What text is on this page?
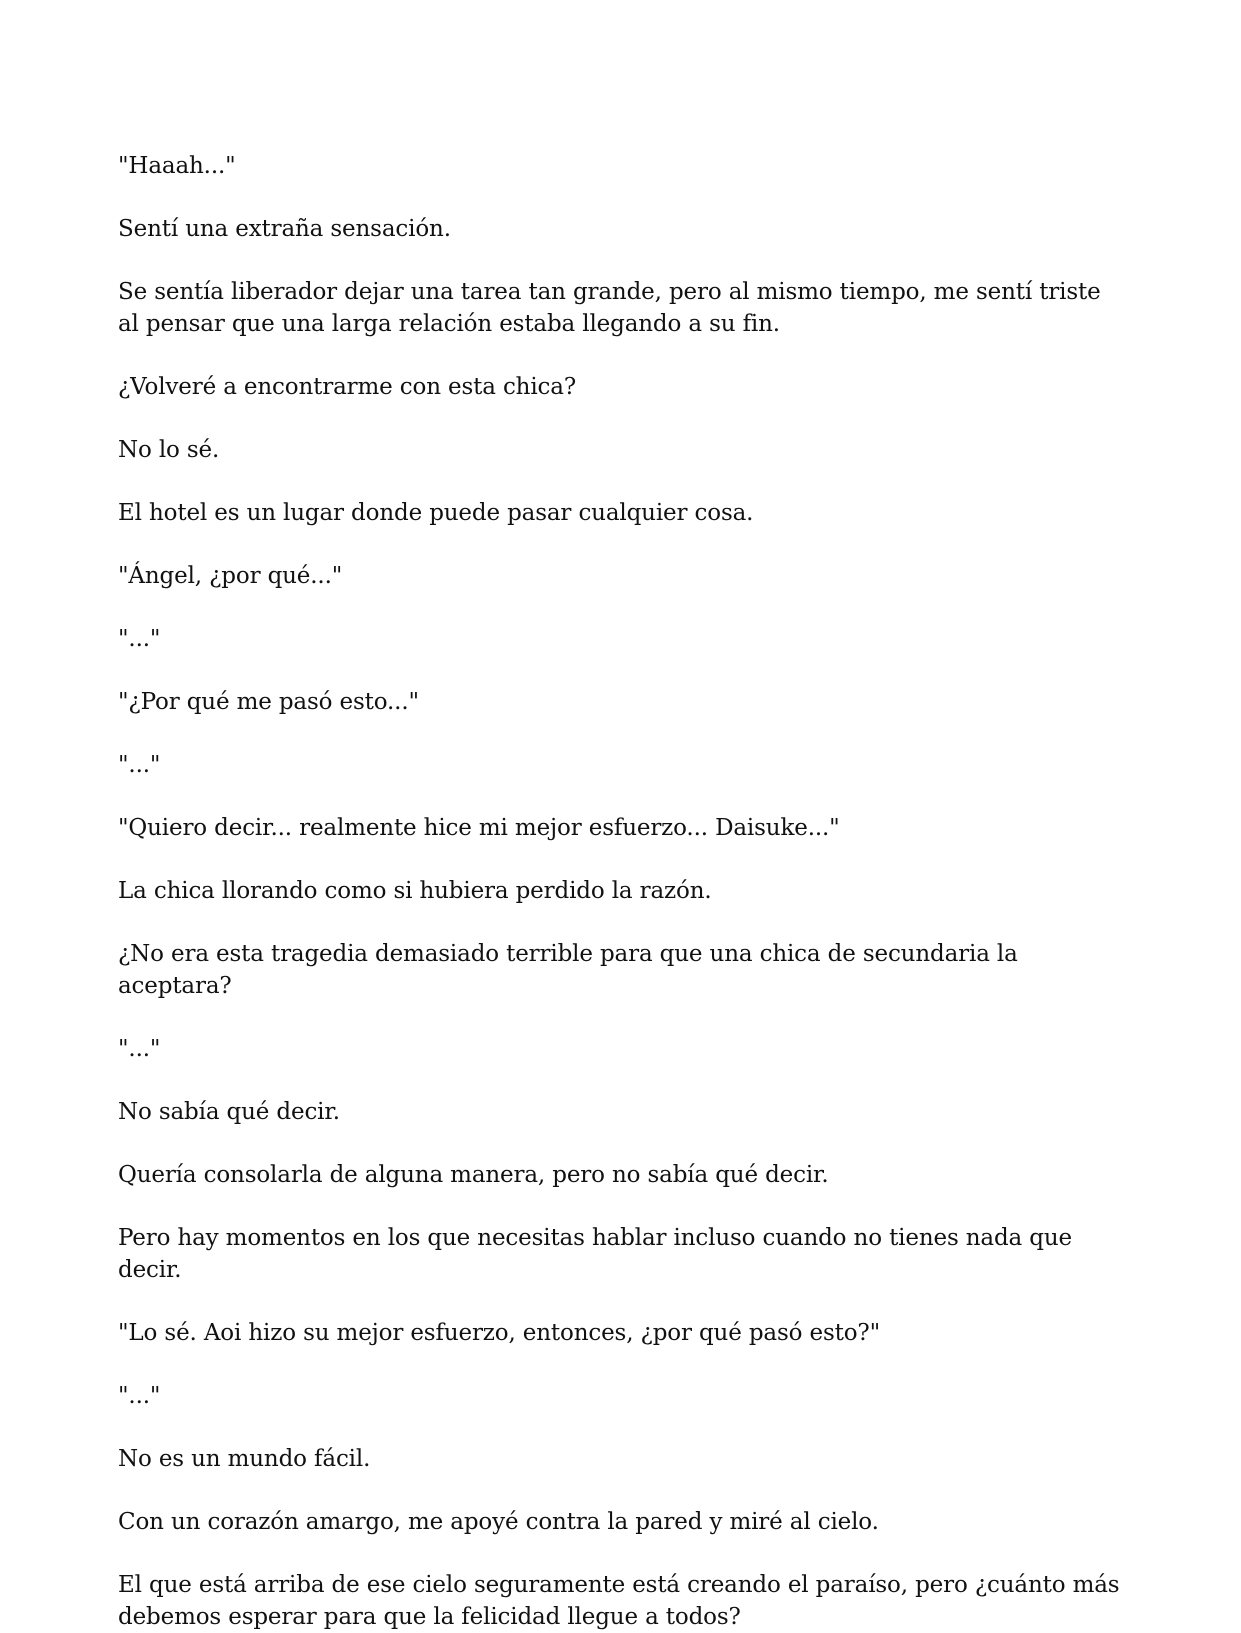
"Haaah..."

Sentí una extraña sensación.

Se sentía liberador dejar una tarea tan grande, pero al mismo tiempo, me sentí triste al pensar que una larga relación estaba llegando a su fin.

¿Volveré a encontrarme con esta chica?

No lo sé.

El hotel es un lugar donde puede pasar cualquier cosa.

"Ángel, ¿por qué..."

"..."

"¿Por qué me pasó esto..."

"..."

"Quiero decir... realmente hice mi mejor esfuerzo... Daisuke..."

La chica llorando como si hubiera perdido la razón.

¿No era esta tragedia demasiado terrible para que una chica de secundaria la aceptara?

"..."

No sabía qué decir.

Quería consolarla de alguna manera, pero no sabía qué decir.

Pero hay momentos en los que necesitas hablar incluso cuando no tienes nada que decir.

"Lo sé. Aoi hizo su mejor esfuerzo, entonces, ¿por qué pasó esto?"

"..."

No es un mundo fácil.

Con un corazón amargo, me apoyé contra la pared y miré al cielo.

El que está arriba de ese cielo seguramente está creando el paraíso, pero ¿cuánto más debemos esperar para que la felicidad llegue a todos?
